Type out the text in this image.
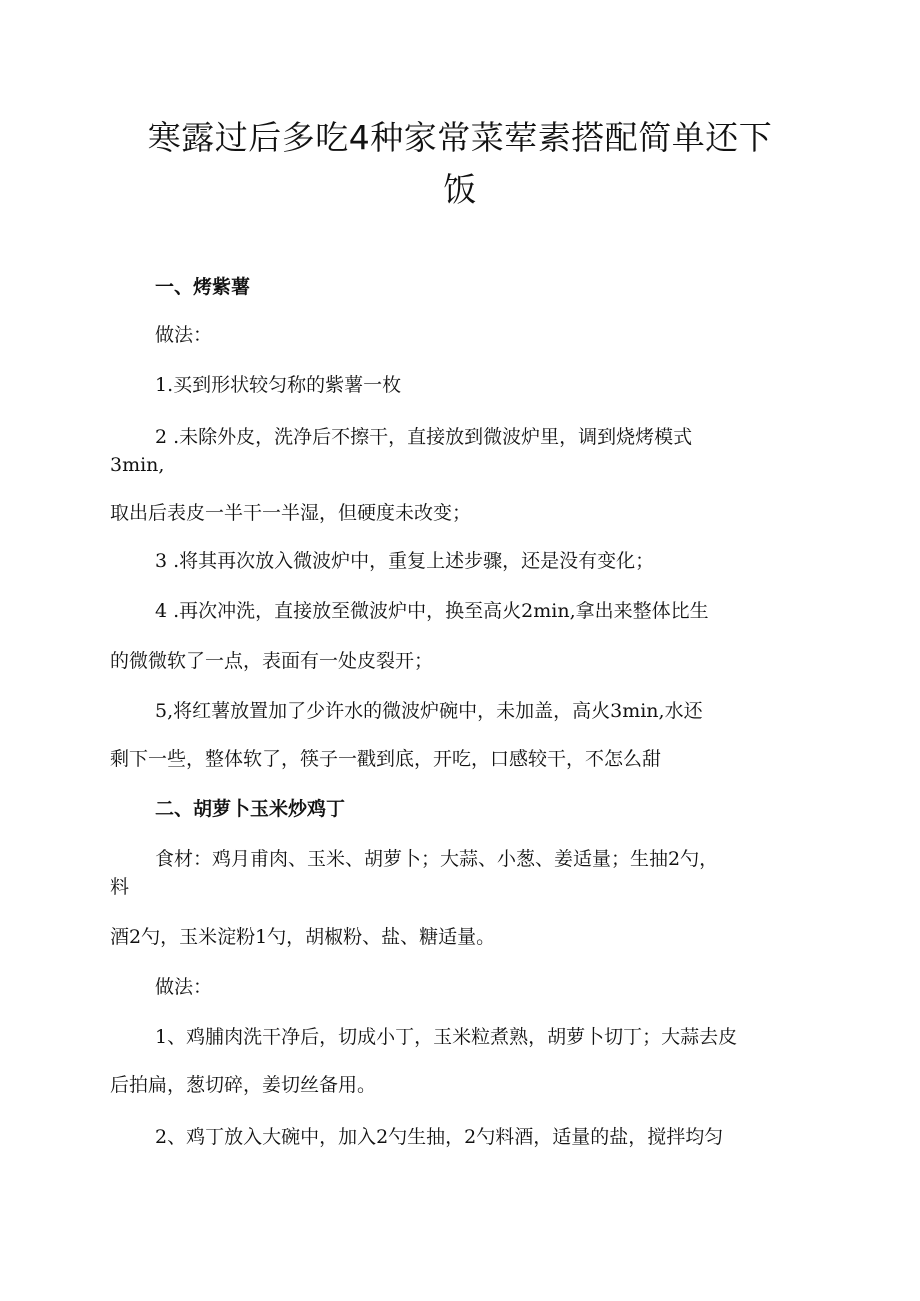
寒露过后多吃4种家常菜荤素搭配简单还下
饭
一、烤紫薯
做法：
1.买到形状较匀称的紫薯一枚
2 .未除外皮，洗净后不擦干，直接放到微波炉里，调到烧烤模式
3min,
取出后表皮一半干一半湿，但硬度未改变；
3 .将其再次放入微波炉中，重复上述步骤，还是没有变化；
4 .再次冲洗，直接放至微波炉中，换至高火2min,拿出来整体比生
的微微软了一点，表面有一处皮裂开；
5,将红薯放置加了少许水的微波炉碗中，未加盖，高火3min,水还
剩下一些，整体软了，筷子一戳到底，开吃，口感较干，不怎么甜
二、胡萝卜玉米炒鸡丁
食材：鸡月甫肉、玉米、胡萝卜；大蒜、小葱、姜适量；生抽2勺，
料
酒2勺，玉米淀粉1勺，胡椒粉、盐、糖适量。
做法：
1、鸡脯肉洗干净后，切成小丁，玉米粒煮熟，胡萝卜切丁；大蒜去皮
后拍扁，葱切碎，姜切丝备用。
2、鸡丁放入大碗中，加入2勺生抽，2勺料酒，适量的盐，搅拌均匀
